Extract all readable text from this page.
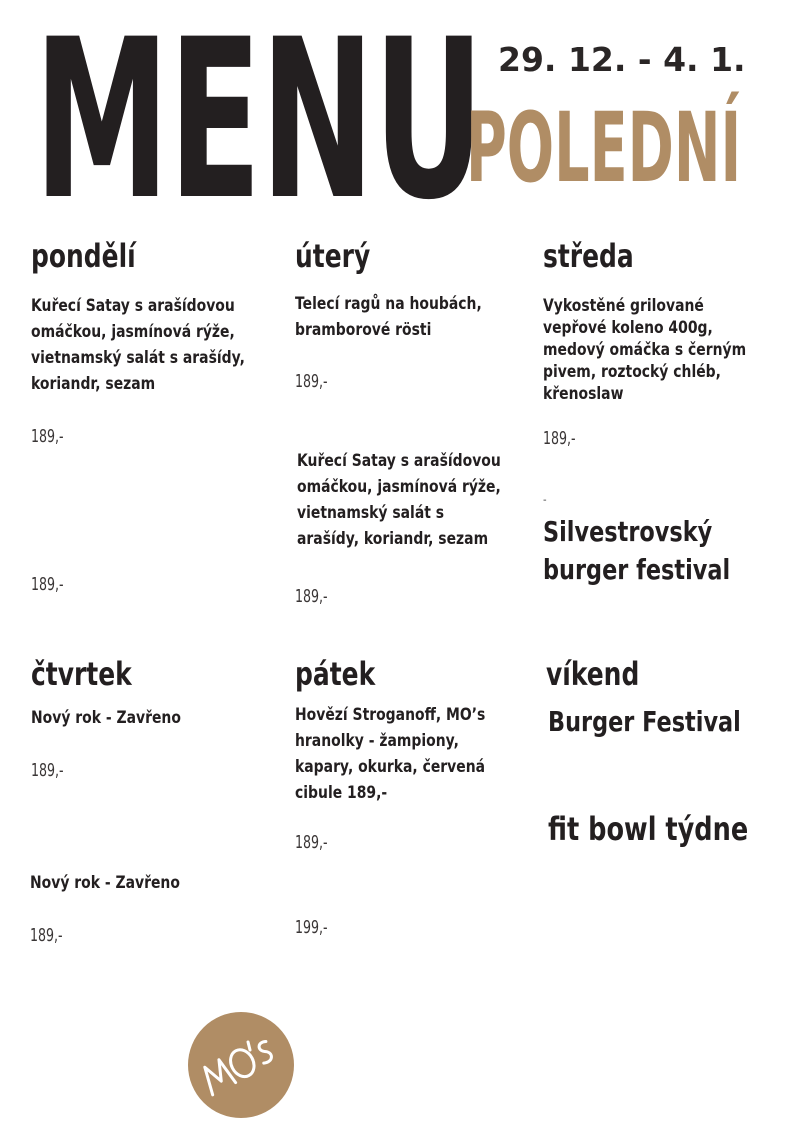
MENU 29. 12. - 4. 1.
POLEDNÍ
pondělí
Kuřecí Satay s arašídovou omáčkou, jasmínová rýže, vietnamský salát s arašídy, koriandr, sezam
189,-
189,-
úterý
Telecí ragů na houbách, bramborové rösti
189,-
Kuřecí Satay s arašídovou omáčkou, jasmínová rýže, vietnamský salát s arašídy, koriandr, sezam
189,-
středa
Vykostěné grilované vepřové koleno 400g, medový omáčka s černým pivem, roztocký chléb, křenoslaw
189,-
-
Silvestrovský
burger festival
čtvrtek
Nový rok - Zavřeno
189,-
Nový rok - Zavřeno
189,-
pátek
Hovězí Stroganoff, MO’s hranolky - žampiony, kapary, okurka, červená cibule 189,-
189,-
199,-
víkend
Burger Festival
fit bowl týdne
